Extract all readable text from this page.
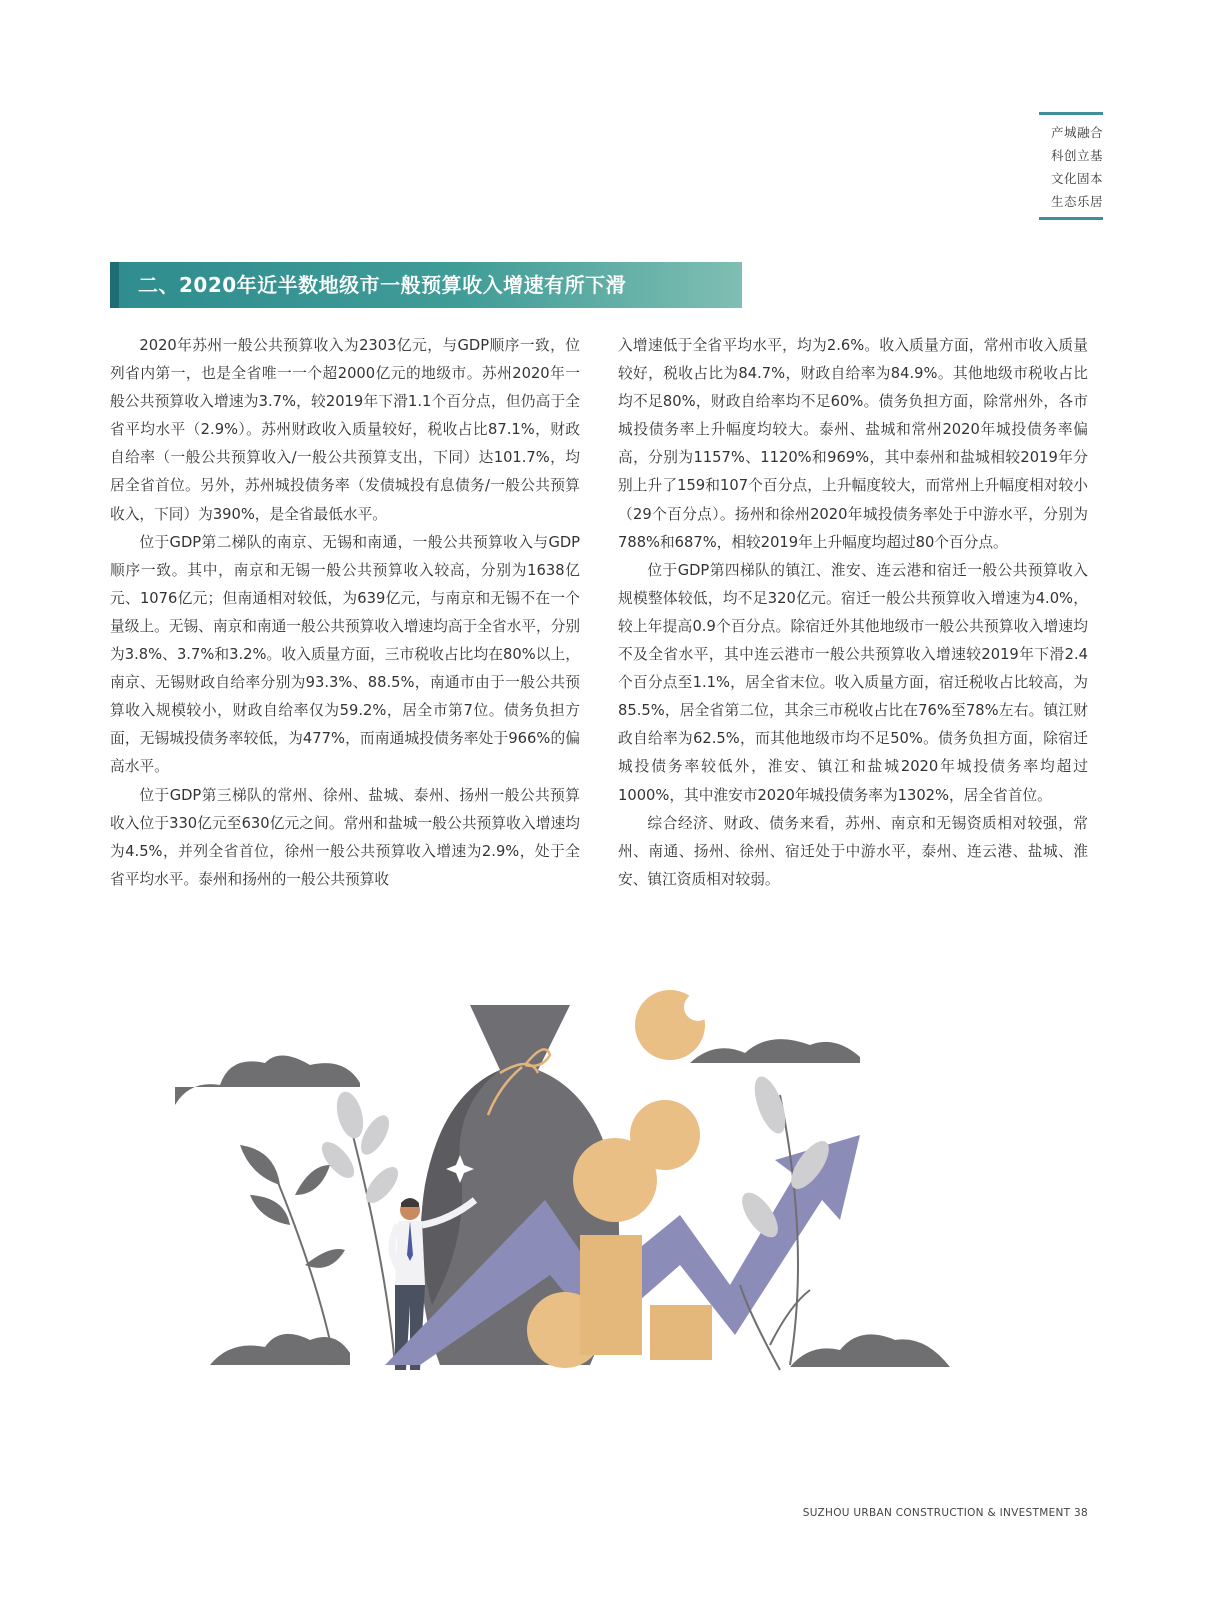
产城融合
科创立基
文化固本
生态乐居
二、2020年近半数地级市一般预算收入增速有所下滑

2020年苏州一般公共预算收入为2303亿元，与GDP顺序一致，位列省内第一，也是全省唯一一个超2000亿元的地级市。苏州2020年一般公共预算收入增速为3.7%，较2019年下滑1.1个百分点，但仍高于全省平均水平（2.9%）。苏州财政收入质量较好，税收占比87.1%，财政自给率（一般公共预算收入/一般公共预算支出，下同）达101.7%，均居全省首位。另外，苏州城投债务率（发债城投有息债务/一般公共预算收入，下同）为390%，是全省最低水平。

位于GDP第二梯队的南京、无锡和南通，一般公共预算收入与GDP顺序一致。其中，南京和无锡一般公共预算收入较高，分别为1638亿元、1076亿元；但南通相对较低，为639亿元，与南京和无锡不在一个量级上。无锡、南京和南通一般公共预算收入增速均高于全省水平，分别为3.8%、3.7%和3.2%。收入质量方面，三市税收占比均在80%以上，南京、无锡财政自给率分别为93.3%、88.5%，南通市由于一般公共预算收入规模较小，财政自给率仅为59.2%，居全市第7位。债务负担方面，无锡城投债务率较低，为477%，而南通城投债务率处于966%的偏高水平。

位于GDP第三梯队的常州、徐州、盐城、泰州、扬州一般公共预算收入位于330亿元至630亿元之间。常州和盐城一般公共预算收入增速均为4.5%，并列全省首位，徐州一般公共预算收入增速为2.9%，处于全省平均水平。泰州和扬州的一般公共预算收

入增速低于全省平均水平，均为2.6%。收入质量方面，常州市收入质量较好，税收占比为84.7%，财政自给率为84.9%。其他地级市税收占比均不足80%，财政自给率均不足60%。债务负担方面，除常州外，各市城投债务率上升幅度均较大。泰州、盐城和常州2020年城投债务率偏高，分别为1157%、1120%和969%，其中泰州和盐城相较2019年分别上升了159和107个百分点，上升幅度较大，而常州上升幅度相对较小（29个百分点）。扬州和徐州2020年城投债务率处于中游水平，分别为788%和687%，相较2019年上升幅度均超过80个百分点。

位于GDP第四梯队的镇江、淮安、连云港和宿迁一般公共预算收入规模整体较低，均不足320亿元。宿迁一般公共预算收入增速为4.0%，较上年提高0.9个百分点。除宿迁外其他地级市一般公共预算收入增速均不及全省水平，其中连云港市一般公共预算收入增速较2019年下滑2.4个百分点至1.1%，居全省末位。收入质量方面，宿迁税收占比较高，为85.5%，居全省第二位，其余三市税收占比在76%至78%左右。镇江财政自给率为62.5%，而其他地级市均不足50%。债务负担方面，除宿迁城投债务率较低外，淮安、镇江和盐城2020年城投债务率均超过1000%，其中淮安市2020年城投债务率为1302%，居全省首位。

综合经济、财政、债务来看，苏州、南京和无锡资质相对较强，常州、南通、扬州、徐州、宿迁处于中游水平，泰州、连云港、盐城、淮安、镇江资质相对较弱。

SUZHOU URBAN CONSTRUCTION & INVESTMENT 38
